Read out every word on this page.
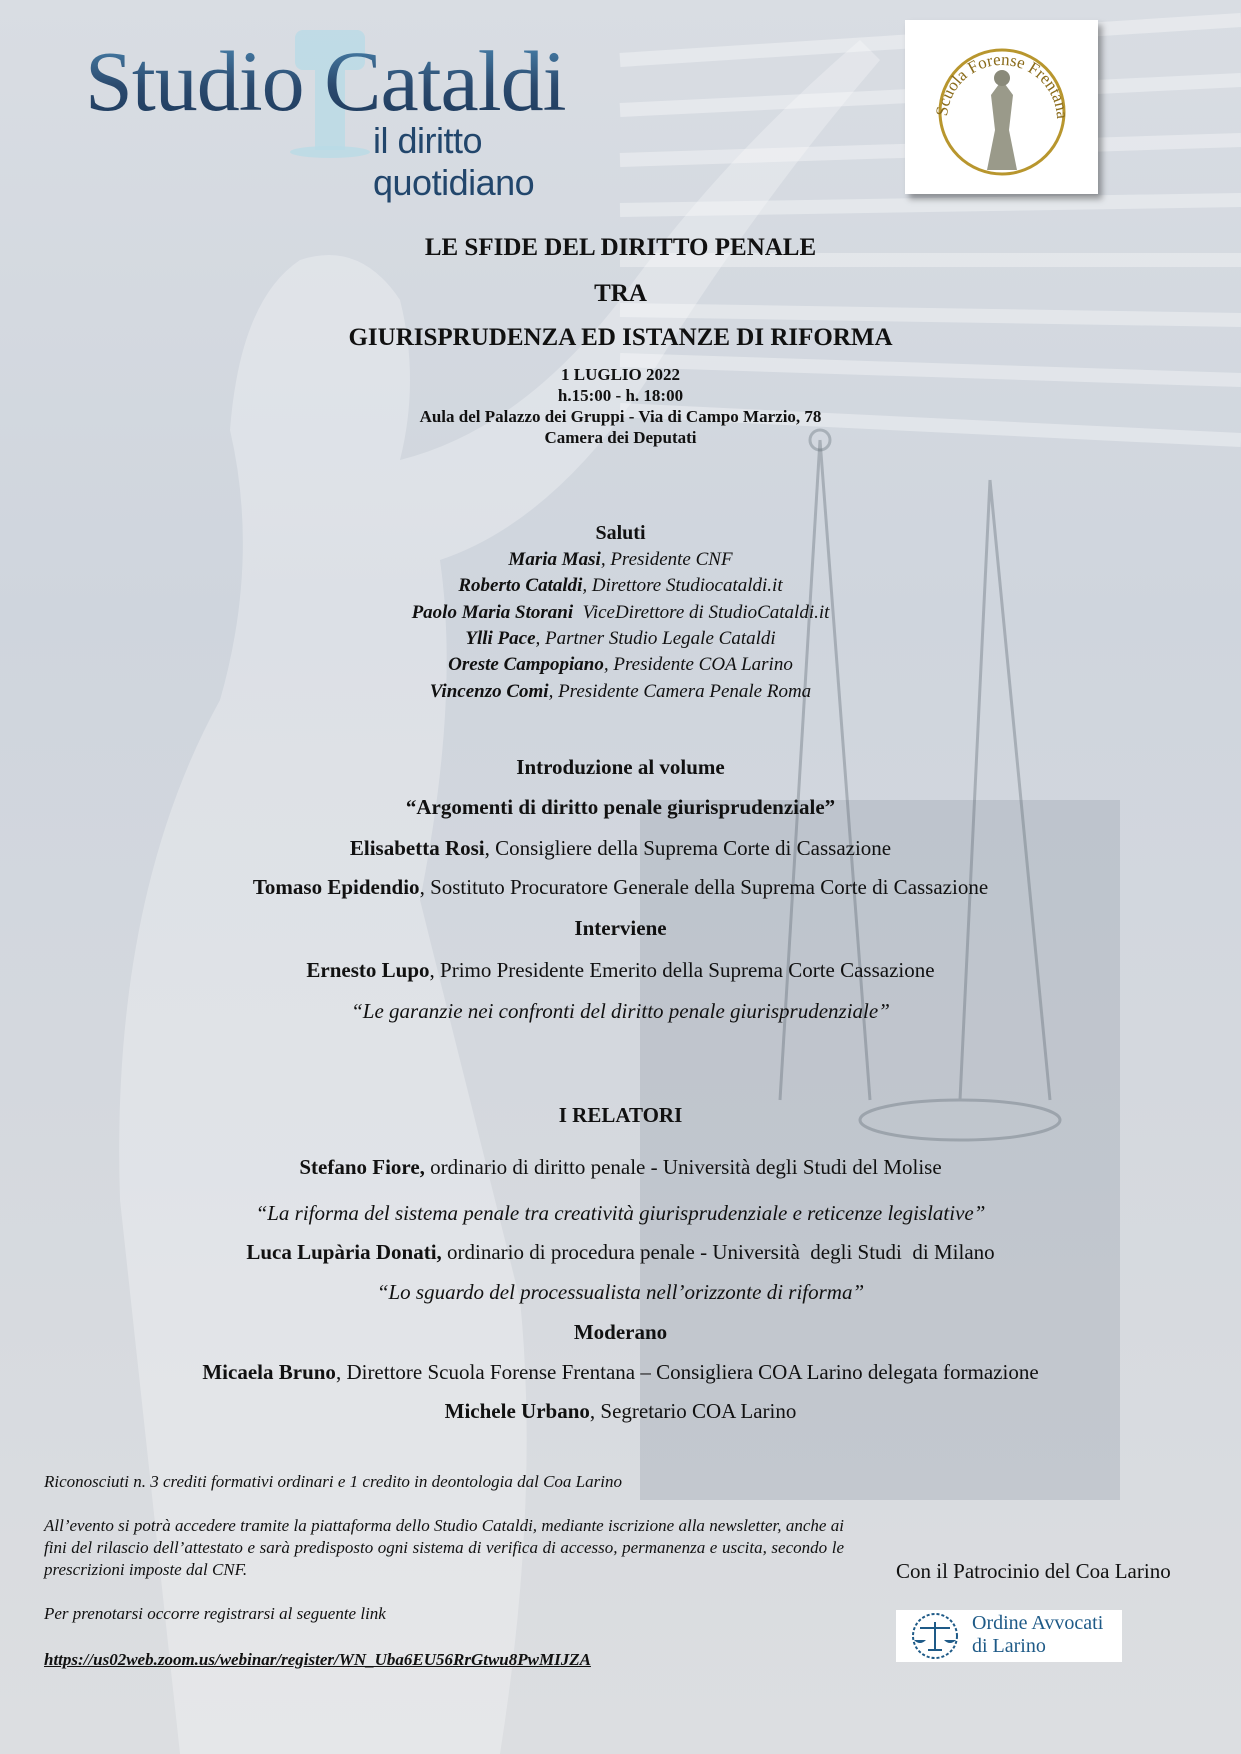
Studio Cataldi
il diritto quotidiano
Scuola Forense Frentana
LE SFIDE DEL DIRITTO PENALE
TRA
GIURISPRUDENZA ED ISTANZE DI RIFORMA
1 LUGLIO 2022
h.15:00 - h. 18:00
Aula del Palazzo dei Gruppi - Via di Campo Marzio, 78
Camera dei Deputati
Saluti
Maria Masi, Presidente CNF
Roberto Cataldi, Direttore Studiocataldi.it
Paolo Maria Storani  ViceDirettore di StudioCataldi.it
Ylli Pace, Partner Studio Legale Cataldi
Oreste Campopiano, Presidente COA Larino
Vincenzo Comi, Presidente Camera Penale Roma
Introduzione al volume
“Argomenti di diritto penale giurisprudenziale”
Elisabetta Rosi, Consigliere della Suprema Corte di Cassazione
Tomaso Epidendio, Sostituto Procuratore Generale della Suprema Corte di Cassazione
Interviene
Ernesto Lupo, Primo Presidente Emerito della Suprema Corte Cassazione
“Le garanzie nei confronti del diritto penale giurisprudenziale”
I RELATORI
Stefano Fiore, ordinario di diritto penale - Università degli Studi del Molise
“La riforma del sistema penale tra creatività giurisprudenziale e reticenze legislative”
Luca Lupària Donati, ordinario di procedura penale - Università  degli Studi  di Milano
“Lo sguardo del processualista nell’orizzonte di riforma”
Moderano
Micaela Bruno, Direttore Scuola Forense Frentana – Consigliera COA Larino delegata formazione
Michele Urbano, Segretario COA Larino
Riconosciuti n. 3 crediti formativi ordinari e 1 credito in deontologia dal Coa Larino
All’evento si potrà accedere tramite la piattaforma dello Studio Cataldi, mediante iscrizione alla newsletter, anche ai fini del rilascio dell’attestato e sarà predisposto ogni sistema di verifica di accesso, permanenza e uscita, secondo le prescrizioni imposte dal CNF.
Per prenotarsi occorre registrarsi al seguente link
https://us02web.zoom.us/webinar/register/WN_Uba6EU56RrGtwu8PwMIJZA
Con il Patrocinio del Coa Larino
Ordine Avvocati
di Larino
